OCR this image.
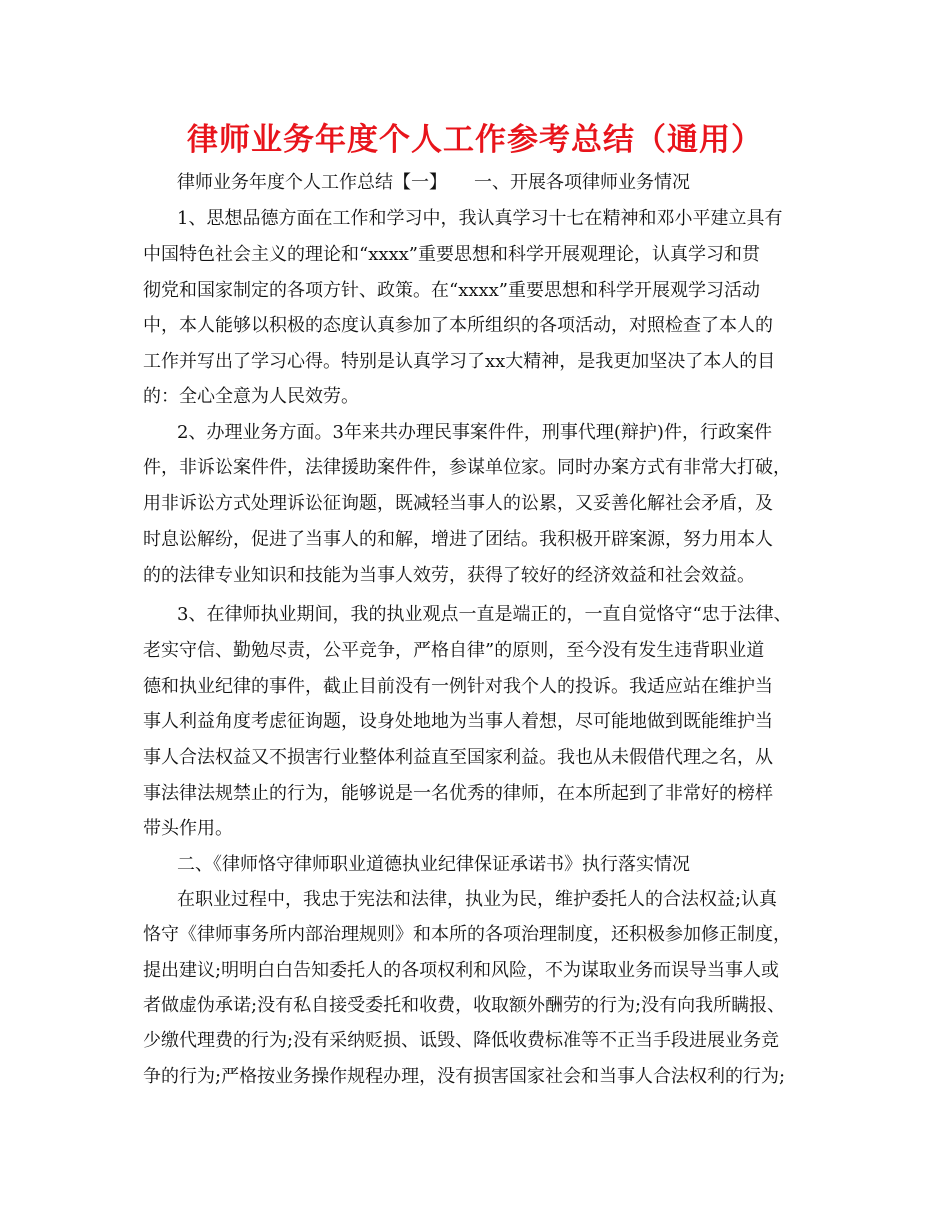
律师业务年度个人工作参考总结（通用）
律师业务年度个人工作总结【一】　　一、开展各项律师业务情况
1、思想品德方面在工作和学习中，我认真学习十七在精神和邓小平建立具有
中国特色社会主义的理论和“xxxx”重要思想和科学开展观理论，认真学习和贯
彻党和国家制定的各项方针、政策。在“xxxx”重要思想和科学开展观学习活动
中，本人能够以积极的态度认真参加了本所组织的各项活动，对照检查了本人的
工作并写出了学习心得。特别是认真学习了xx大精神，是我更加坚决了本人的目
的：全心全意为人民效劳。
2、办理业务方面。3年来共办理民事案件件，刑事代理(辩护)件，行政案件
件，非诉讼案件件，法律援助案件件，参谋单位家。同时办案方式有非常大打破，
用非诉讼方式处理诉讼征询题，既减轻当事人的讼累，又妥善化解社会矛盾，及
时息讼解纷，促进了当事人的和解，增进了团结。我积极开辟案源，努力用本人
的的法律专业知识和技能为当事人效劳，获得了较好的经济效益和社会效益。
3、在律师执业期间，我的执业观点一直是端正的，一直自觉恪守“忠于法律、
老实守信、勤勉尽责，公平竞争，严格自律”的原则，至今没有发生违背职业道
德和执业纪律的事件，截止目前没有一例针对我个人的投诉。我适应站在维护当
事人利益角度考虑征询题，设身处地地为当事人着想，尽可能地做到既能维护当
事人合法权益又不损害行业整体利益直至国家利益。我也从未假借代理之名，从
事法律法规禁止的行为，能够说是一名优秀的律师，在本所起到了非常好的榜样
带头作用。
二、《律师恪守律师职业道德执业纪律保证承诺书》执行落实情况
在职业过程中，我忠于宪法和法律，执业为民，维护委托人的合法权益;认真
恪守《律师事务所内部治理规则》和本所的各项治理制度，还积极参加修正制度，
提出建议;明明白白告知委托人的各项权利和风险，不为谋取业务而误导当事人或
者做虚伪承诺;没有私自接受委托和收费，收取额外酬劳的行为;没有向我所瞒报、
少缴代理费的行为;没有采纳贬损、诋毁、降低收费标准等不正当手段进展业务竞
争的行为;严格按业务操作规程办理，没有损害国家社会和当事人合法权利的行为;
